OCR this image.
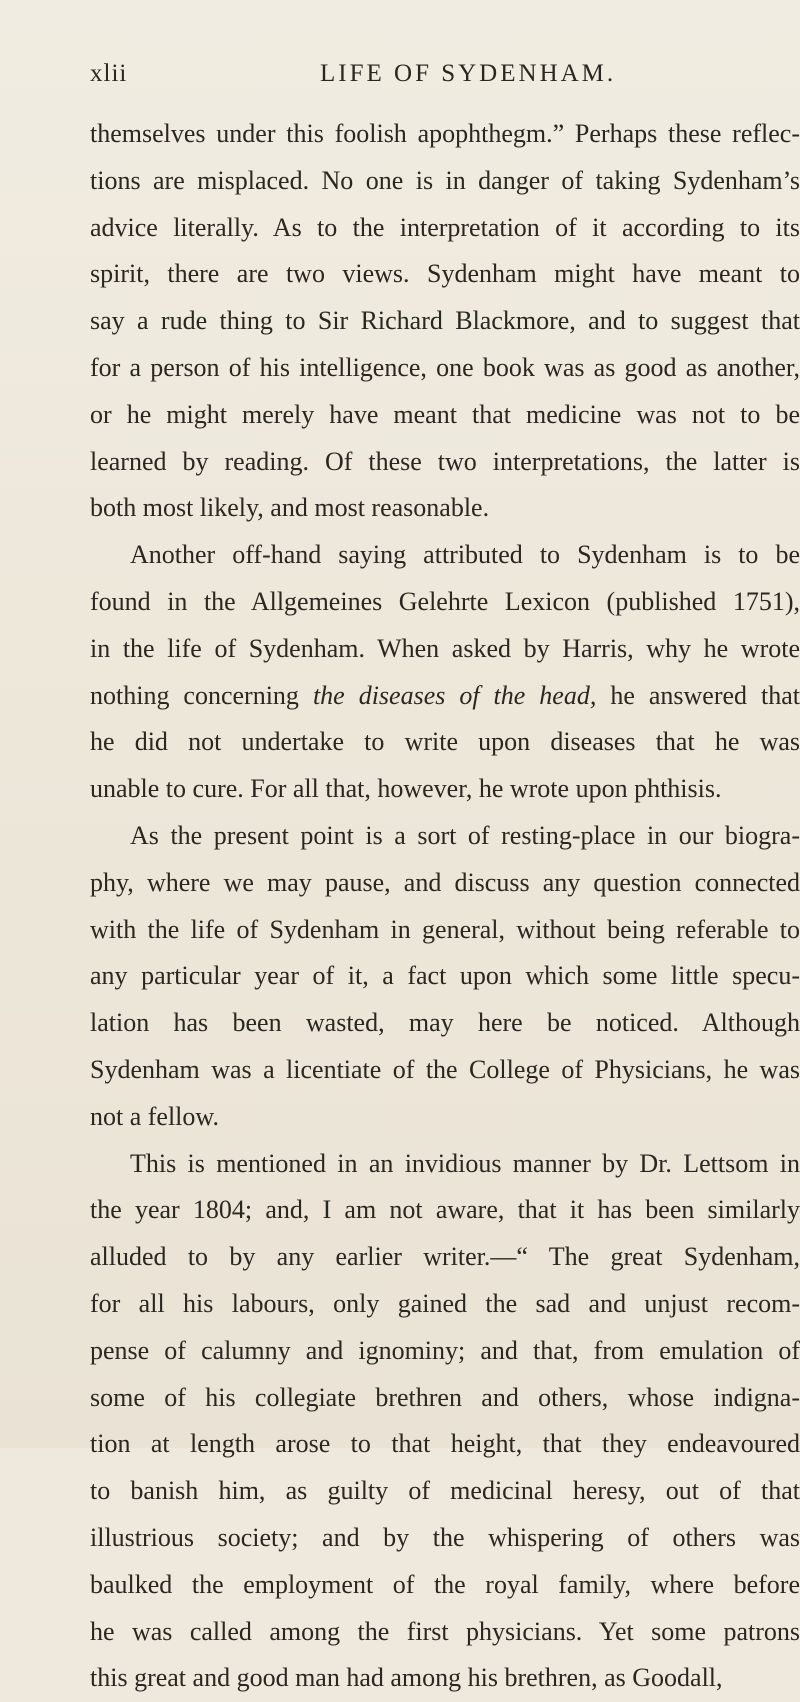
xlii	LIFE OF SYDENHAM.
themselves under this foolish apophthegm.” Perhaps these reflec-
tions are misplaced. No one is in danger of taking Sydenham’s
advice literally. As to the interpretation of it according to its
spirit, there are two views. Sydenham might have meant to
say a rude thing to Sir Richard Blackmore, and to suggest that
for a person of his intelligence, one book was as good as another,
or he might merely have meant that medicine was not to be
learned by reading. Of these two interpretations, the latter is
both most likely, and most reasonable.
Another off-hand saying attributed to Sydenham is to be
found in the Allgemeines Gelehrte Lexicon (published 1751),
in the life of Sydenham. When asked by Harris, why he wrote
nothing concerning the diseases of the head, he answered that
he did not undertake to write upon diseases that he was
unable to cure. For all that, however, he wrote upon phthisis.
As the present point is a sort of resting-place in our biogra-
phy, where we may pause, and discuss any question connected
with the life of Sydenham in general, without being referable to
any particular year of it, a fact upon which some little specu-
lation has been wasted, may here be noticed. Although
Sydenham was a licentiate of the College of Physicians, he was
not a fellow.
This is mentioned in an invidious manner by Dr. Lettsom in
the year 1804; and, I am not aware, that it has been similarly
alluded to by any earlier writer.—“ The great Sydenham,
for all his labours, only gained the sad and unjust recom-
pense of calumny and ignominy; and that, from emulation of
some of his collegiate brethren and others, whose indigna-
tion at length arose to that height, that they endeavoured
to banish him, as guilty of medicinal heresy, out of that
illustrious society; and by the whispering of others was
baulked the employment of the royal family, where before
he was called among the first physicians. Yet some patrons
this great and good man had among his brethren, as Goodall,
